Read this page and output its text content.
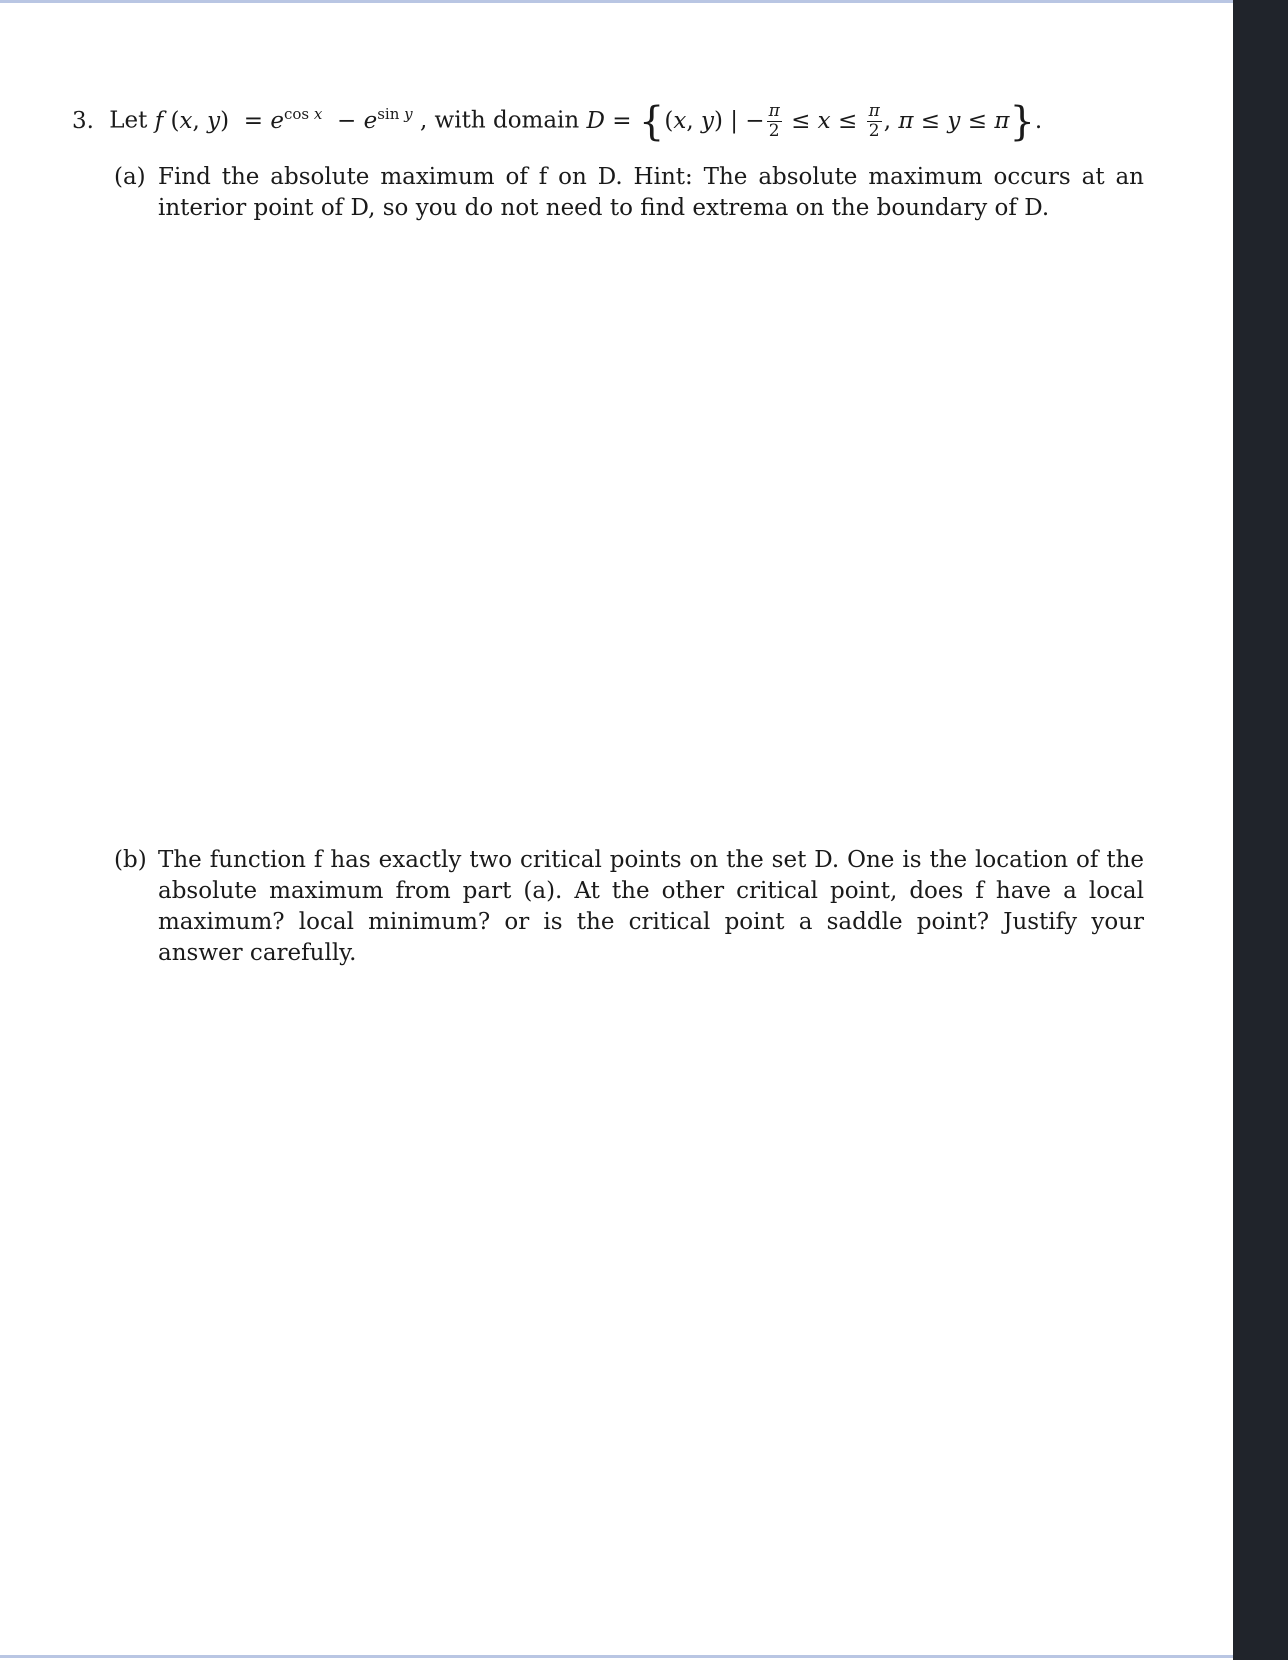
3. Let f (x, $y) = e^{cos x} - e^{sin y}$ , with domain D = {(x, y) | − $\frac{\pi}{2} \le x \le \frac{\pi}{2}$ , π ≤ y ≤ π}.
(a) Find the absolute maximum of f on D. Hint: The absolute maximum occurs at an interior point of D, so you do not need to find extrema on the boundary of D.
(b) The function f has exactly two critical points on the set D. One is the location of the absolute maximum from part (a). At the other critical point, does f have a local maximum? local minimum? or is the critical point a saddle point? Justify your answer carefully.
